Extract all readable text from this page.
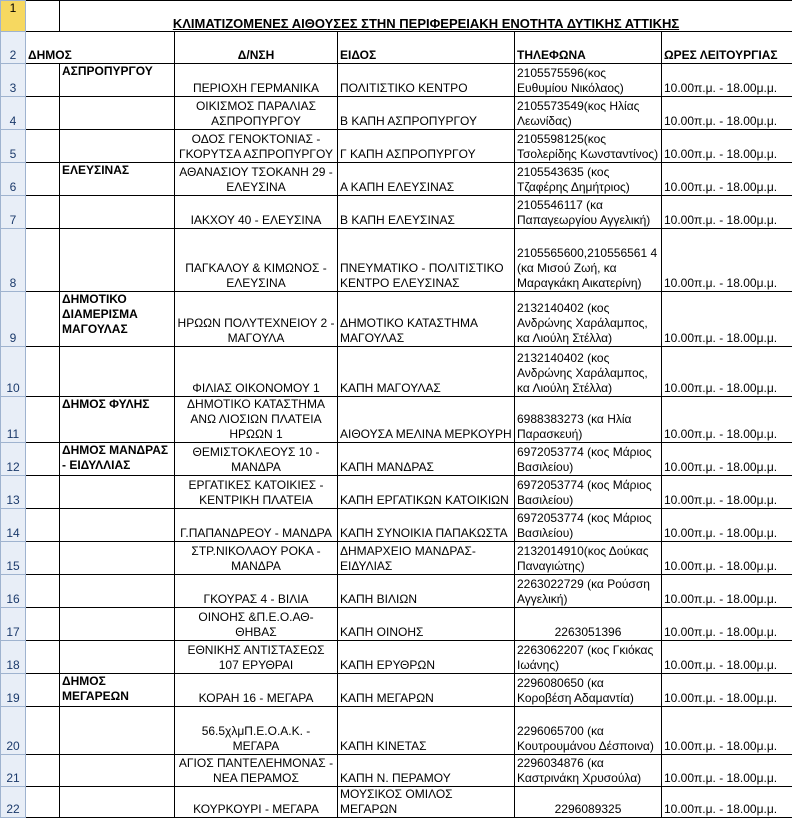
1		ΚΛΙΜΑΤΙΖΟΜΕΝΕΣ ΑΙΘΟΥΣΕΣ ΣΤΗΝ ΠΕΡΙΦΕΡΕΙΑΚΗ ΕΝΟΤΗΤΑ ΔΥΤΙΚΗΣ ΑΤΤΙΚΗΣ				
2	ΔΗΜΟΣ		Δ/ΝΣΗ	ΕΙΔΟΣ	ΤΗΛΕΦΩΝΑ	ΩΡΕΣ ΛΕΙΤΟΥΡΓΙΑΣ
3		ΑΣΠΡΟΠΥΡΓΟΥ	ΠΕΡΙΟΧΗ ΓΕΡΜΑΝΙΚΑ	ΠΟΛΙΤΙΣΤΙΚΟ ΚΕΝΤΡΟ	2105575596(κος Ευθυμίου Νικόλαος)	10.00π.μ. - 18.00μ.μ.
4			ΟΙΚΙΣΜΟΣ ΠΑΡΑΛΙΑΣ ΑΣΠΡΟΠΥΡΓΟΥ	Β ΚΑΠΗ ΑΣΠΡΟΠΥΡΓΟΥ	2105573549(κος Ηλίας Λεωνίδας)	10.00π.μ. - 18.00μ.μ.
5			ΟΔΟΣ ΓΕΝΟΚΤΟΝΙΑΣ - ΓΚΟΡΥΤΣΑ ΑΣΠΡΟΠΥΡΓΟΥ	Γ ΚΑΠΗ ΑΣΠΡΟΠΥΡΓΟΥ	2105598125(κος Τσολερίδης Κωνσταντίνος)	10.00π.μ. - 18.00μ.μ.
6		ΕΛΕΥΣΙΝΑΣ	ΑΘΑΝΑΣΙΟΥ ΤΣΟΚΑΝΗ 29 - ΕΛΕΥΣΙΝΑ	Α ΚΑΠΗ ΕΛΕΥΣΙΝΑΣ	2105543635 (κος Τζαφέρης Δημήτριος)	10.00π.μ. - 18.00μ.μ.
7			ΙΑΚΧΟΥ 40 - ΕΛΕΥΣΙΝΑ	Β ΚΑΠΗ ΕΛΕΥΣΙΝΑΣ	2105546117 (κα Παπαγεωργίου Αγγελική)	10.00π.μ. - 18.00μ.μ.
8			ΠΑΓΚΑΛΟΥ & ΚΙΜΩΝΟΣ - ΕΛΕΥΣΙΝΑ	ΠΝΕΥΜΑΤΙΚΟ - ΠΟΛΙΤΙΣΤΙΚΟ ΚΕΝΤΡΟ ΕΛΕΥΣΙΝΑΣ	2105565600,210556561 4 (κα Μισού Ζωή, κα Μαραγκάκη Αικατερίνη)	10.00π.μ. - 18.00μ.μ.
9		ΔΗΜΟΤΙΚΟ ΔΙΑΜΕΡΙΣΜΑ ΜΑΓΟΥΛΑΣ	ΗΡΩΩΝ ΠΟΛΥΤΕΧΝΕΙΟΥ 2 - ΜΑΓΟΥΛΑ	ΔΗΜΟΤΙΚΟ ΚΑΤΑΣΤΗΜΑ ΜΑΓΟΥΛΑΣ	2132140402 (κος Ανδρώνης Χαράλαμπος, κα Λιούλη Στέλλα)	10.00π.μ. - 18.00μ.μ.
10			ΦΙΛΙΑΣ ΟΙΚΟΝΟΜΟΥ 1	ΚΑΠΗ ΜΑΓΟΥΛΑΣ	2132140402 (κος Ανδρώνης Χαράλαμπος, κα Λιούλη Στέλλα)	10.00π.μ. - 18.00μ.μ.
11		ΔΗΜΟΣ ΦΥΛΗΣ	ΔΗΜΟΤΙΚΟ ΚΑΤΑΣΤΗΜΑ ΑΝΩ ΛΙΟΣΙΩΝ ΠΛΑΤΕΙΑ ΗΡΩΩΝ 1	ΑΙΘΟΥΣΑ ΜΕΛΙΝΑ ΜΕΡΚΟΥΡΗ	6988383273 (κα Ηλία Παρασκευή)	10.00π.μ. - 18.00μ.μ.
12		ΔΗΜΟΣ ΜΑΝΔΡΑΣ - ΕΙΔΥΛΛΙΑΣ	ΘΕΜΙΣΤΟΚΛΕΟΥΣ 10 - ΜΑΝΔΡΑ	ΚΑΠΗ ΜΑΝΔΡΑΣ	6972053774 (κος Μάριος Βασιλείου)	10.00π.μ. - 18.00μ.μ.
13			ΕΡΓΑΤΙΚΕΣ ΚΑΤΟΙΚΙΕΣ - ΚΕΝΤΡΙΚΗ ΠΛΑΤΕΙΑ	ΚΑΠΗ ΕΡΓΑΤΙΚΩΝ ΚΑΤΟΙΚΙΩΝ	6972053774 (κος Μάριος Βασιλείου)	10.00π.μ. - 18.00μ.μ.
14			Γ.ΠΑΠΑΝΔΡΕΟΥ - ΜΑΝΔΡΑ	ΚΑΠΗ ΣΥΝΟΙΚΙΑ ΠΑΠΑΚΩΣΤΑ	6972053774 (κος Μάριος Βασιλείου)	10.00π.μ. - 18.00μ.μ.
15			ΣΤΡ.ΝΙΚΟΛΑΟΥ ΡΟΚΑ - ΜΑΝΔΡΑ	ΔΗΜΑΡΧΕΙΟ ΜΑΝΔΡΑΣ-ΕΙΔΥΛΙΑΣ	2132014910(κος Δούκας Παναγιώτης)	10.00π.μ. - 18.00μ.μ.
16			ΓΚΟΥΡΑΣ 4 - ΒΙΛΙΑ	ΚΑΠΗ ΒΙΛΙΩΝ	2263022729 (κα Ρούσση Αγγελική)	10.00π.μ. - 18.00μ.μ.
17			ΟΙΝΟΗΣ &Π.Ε.Ο.ΑΘ- ΘΗΒΑΣ	ΚΑΠΗ ΟΙΝΟΗΣ	2263051396	10.00π.μ. - 18.00μ.μ.
18			ΕΘΝΙΚΗΣ ΑΝΤΙΣΤΑΣΕΩΣ 107 ΕΡΥΘΡΑΙ	ΚΑΠΗ ΕΡΥΘΡΩΝ	2263062207 (κος Γκιόκας Ιωάνης)	10.00π.μ. - 18.00μ.μ.
19		ΔΗΜΟΣ ΜΕΓΑΡΕΩΝ	ΚΟΡΑΗ 16 - ΜΕΓΑΡΑ	ΚΑΠΗ ΜΕΓΑΡΩΝ	2296080650 (κα Κοροβέση Αδαμαντία)	10.00π.μ. - 18.00μ.μ.
20			56.5χλμΠ.Ε.Ο.Α.Κ. - ΜΕΓΑΡΑ	ΚΑΠΗ ΚΙΝΕΤΑΣ	2296065700 (κα Κουτρουμάνου Δέσποινα)	10.00π.μ. - 18.00μ.μ.
21			ΑΓΙΟΣ ΠΑΝΤΕΛΕΗΜΟΝΑΣ - ΝΕΑ ΠΕΡΑΜΟΣ	ΚΑΠΗ Ν. ΠΕΡΑΜΟΥ	2296034876 (κα Καστρινάκη Χρυσούλα)	10.00π.μ. - 18.00μ.μ.
22			ΚΟΥΡΚΟΥΡΙ - ΜΕΓΑΡΑ	ΜΟΥΣΙΚΟΣ ΟΜΙΛΟΣ ΜΕΓΑΡΩΝ	2296089325	10.00π.μ. - 18.00μ.μ.
